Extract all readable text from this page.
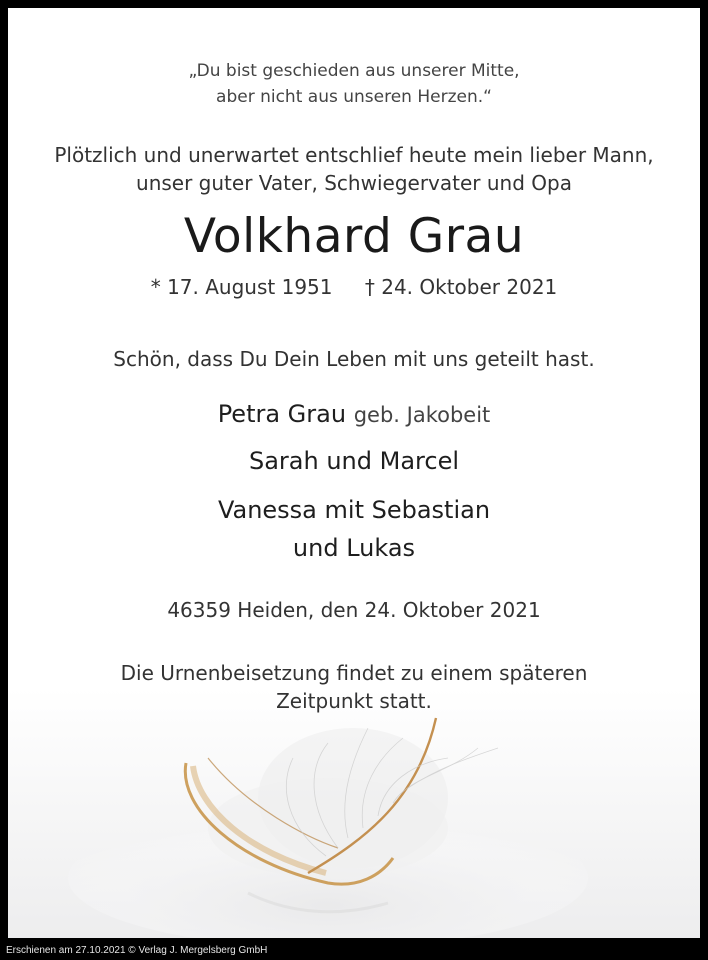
„Du bist geschieden aus unserer Mitte,
aber nicht aus unseren Herzen.“
Plötzlich und unerwartet entschlief heute mein lieber Mann,
unser guter Vater, Schwiegervater und Opa
Volkhard Grau
* 17. August 1951 † 24. Oktober 2021
Schön, dass Du Dein Leben mit uns geteilt hast.
Petra Grau geb. Jakobeit
Sarah und Marcel
Vanessa mit Sebastian
und Lukas
46359 Heiden, den 24. Oktober 2021
Die Urnenbeisetzung findet zu einem späteren
Zeitpunkt statt.
Erschienen am 27.10.2021 © Verlag J. Mergelsberg GmbH
